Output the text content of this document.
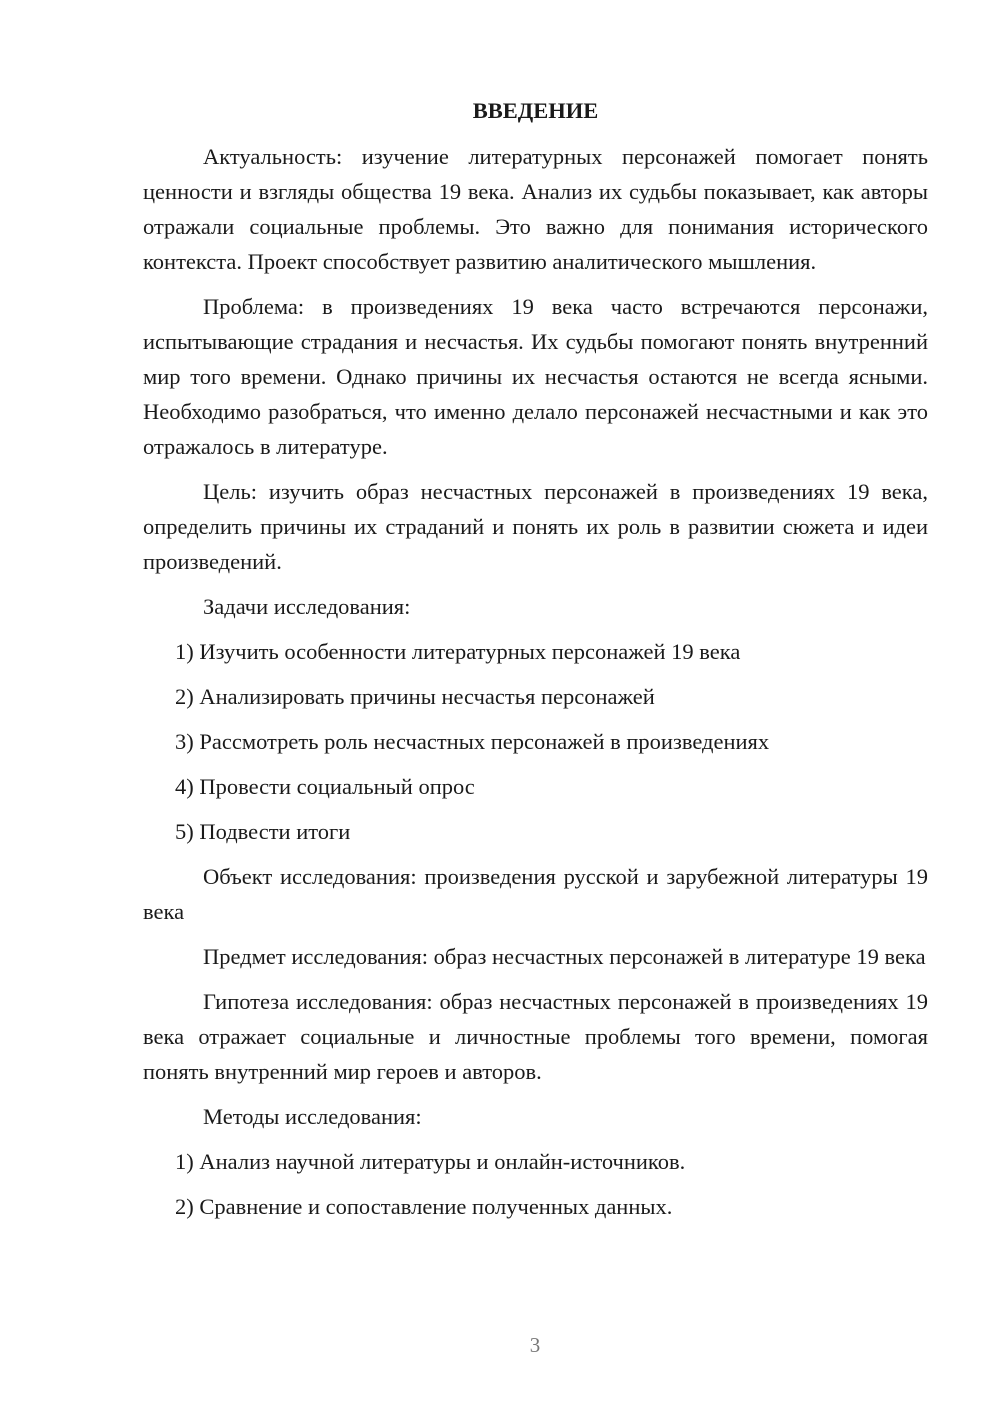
ВВЕДЕНИЕ

Актуальность: изучение литературных персонажей помогает понять ценности и взгляды общества 19 века. Анализ их судьбы показывает, как авторы отражали социальные проблемы. Это важно для понимания исторического контекста. Проект способствует развитию аналитического мышления.

Проблема: в произведениях 19 века часто встречаются персонажи, испытывающие страдания и несчастья. Их судьбы помогают понять внутренний мир того времени. Однако причины их несчастья остаются не всегда ясными. Необходимо разобраться, что именно делало персонажей несчастными и как это отражалось в литературе.

Цель: изучить образ несчастных персонажей в произведениях 19 века, определить причины их страданий и понять их роль в развитии сюжета и идеи произведений.

Задачи исследования:

1) Изучить особенности литературных персонажей 19 века
2) Анализировать причины несчастья персонажей
3) Рассмотреть роль несчастных персонажей в произведениях
4) Провести социальный опрос
5) Подвести итоги

Объект исследования: произведения русской и зарубежной литературы 19 века

Предмет исследования: образ несчастных персонажей в литературе 19 века

Гипотеза исследования: образ несчастных персонажей в произведениях 19 века отражает социальные и личностные проблемы того времени, помогая понять внутренний мир героев и авторов.

Методы исследования:

1) Анализ научной литературы и онлайн-источников.
2) Сравнение и сопоставление полученных данных.
3
